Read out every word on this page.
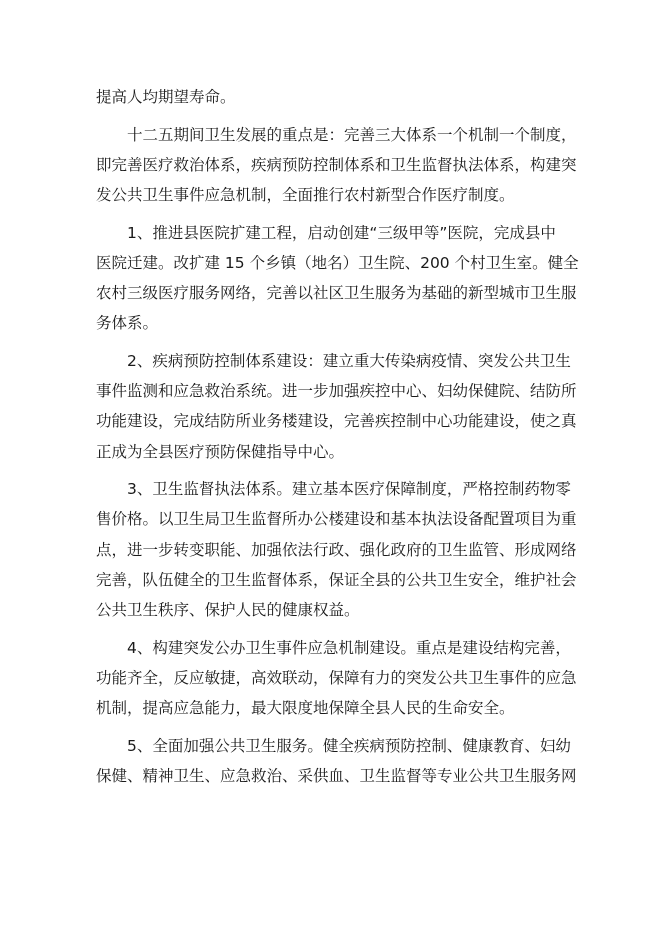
提高人均期望寿命。
　　十二五期间卫生发展的重点是：完善三大体系一个机制一个制度，
即完善医疗救治体系，疾病预防控制体系和卫生监督执法体系，构建突
发公共卫生事件应急机制，全面推行农村新型合作医疗制度。
　　1、推进县医院扩建工程，启动创建“三级甲等”医院，完成县中
医院迁建。改扩建 15 个乡镇（地名）卫生院、200 个村卫生室。健全
农村三级医疗服务网络，完善以社区卫生服务为基础的新型城市卫生服
务体系。
　　2、疾病预防控制体系建设：建立重大传染病疫情、突发公共卫生
事件监测和应急救治系统。进一步加强疾控中心、妇幼保健院、结防所
功能建设，完成结防所业务楼建设，完善疾控制中心功能建设，使之真
正成为全县医疗预防保健指导中心。
　　3、卫生监督执法体系。建立基本医疗保障制度，严格控制药物零
售价格。以卫生局卫生监督所办公楼建设和基本执法设备配置项目为重
点，进一步转变职能、加强依法行政、强化政府的卫生监管、形成网络
完善，队伍健全的卫生监督体系，保证全县的公共卫生安全，维护社会
公共卫生秩序、保护人民的健康权益。
　　4、构建突发公办卫生事件应急机制建设。重点是建设结构完善，
功能齐全，反应敏捷，高效联动，保障有力的突发公共卫生事件的应急
机制，提高应急能力，最大限度地保障全县人民的生命安全。
　　5、全面加强公共卫生服务。健全疾病预防控制、健康教育、妇幼
保健、精神卫生、应急救治、采供血、卫生监督等专业公共卫生服务网
